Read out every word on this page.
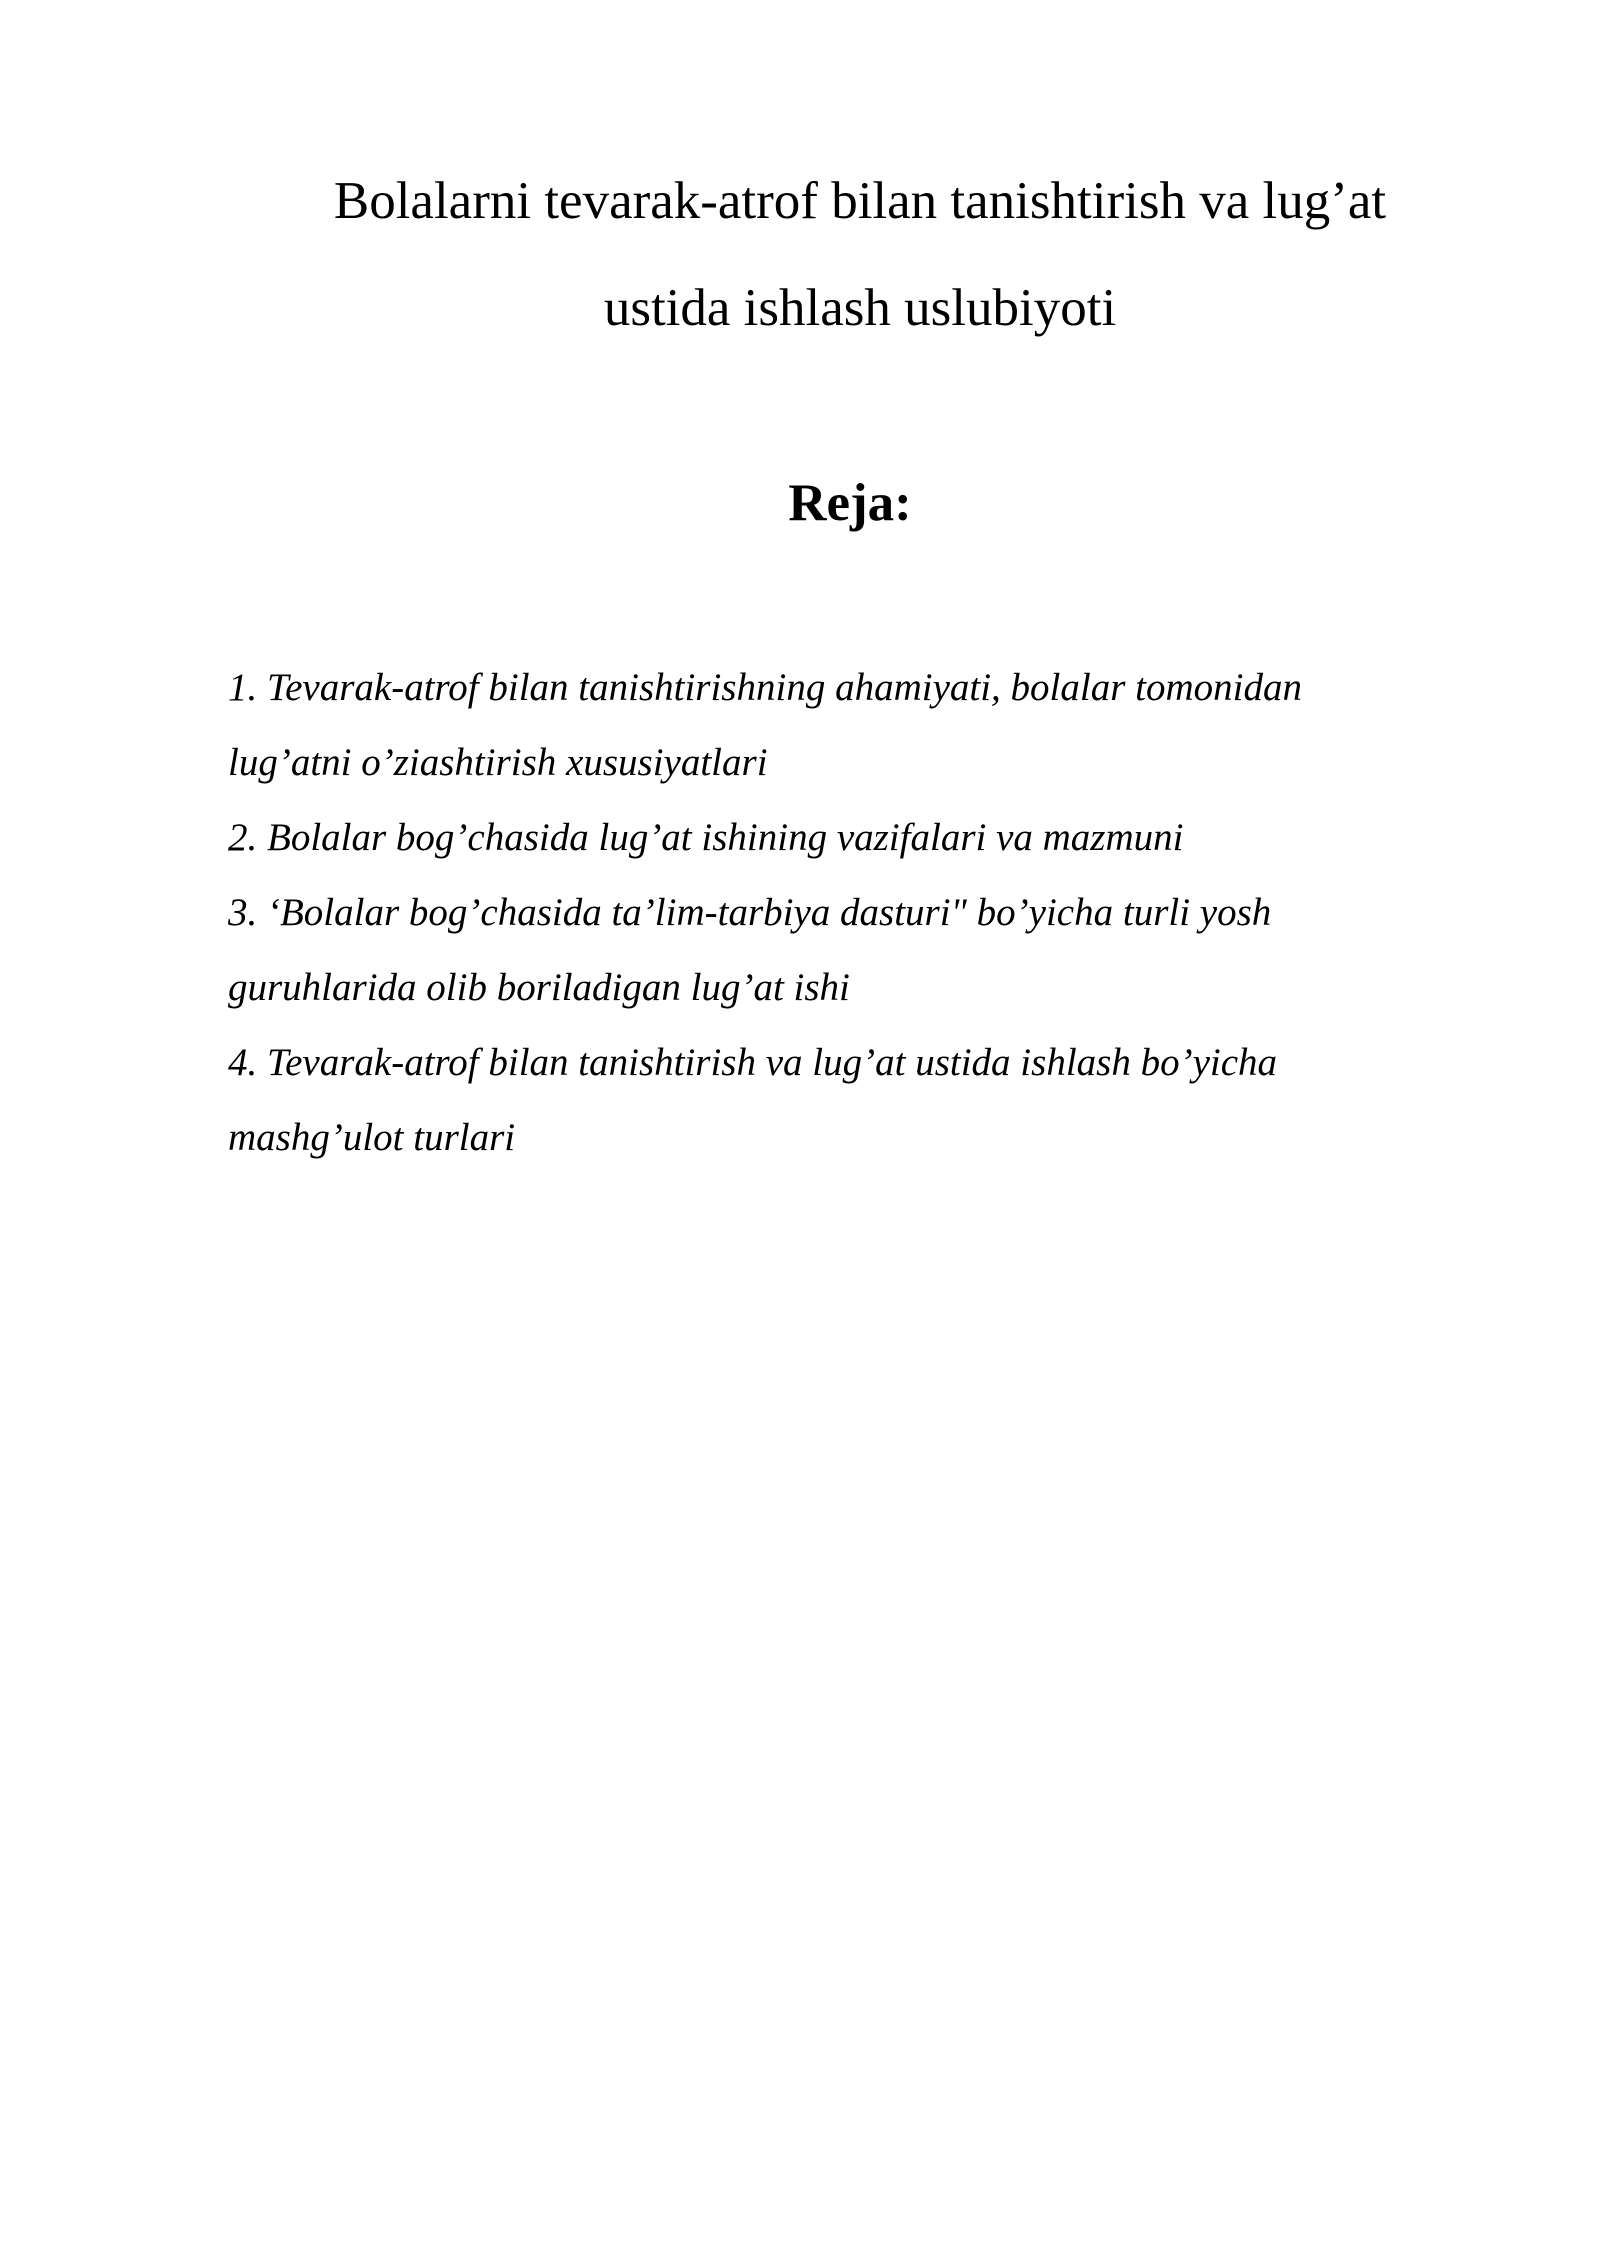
Bolalarni tevarak-atrof bilan tanishtirish va lug’at
ustida ishlash uslubiyoti
Reja:
1. Tevarak-atrof bilan tanishtirishning ahamiyati, bolalar tomonidan
lug’atni o’ziashtirish xususiyatlari
2. Bolalar bog’chasida lug’at ishining vazifalari va mazmuni
3. ‘Bolalar bog’chasida ta’lim-tarbiya dasturi" bo’yicha turli yosh
guruhlarida olib boriladigan lug’at ishi
4. Tevarak-atrof bilan tanishtirish va lug’at ustida ishlash bo’yicha
mashg’ulot turlari
